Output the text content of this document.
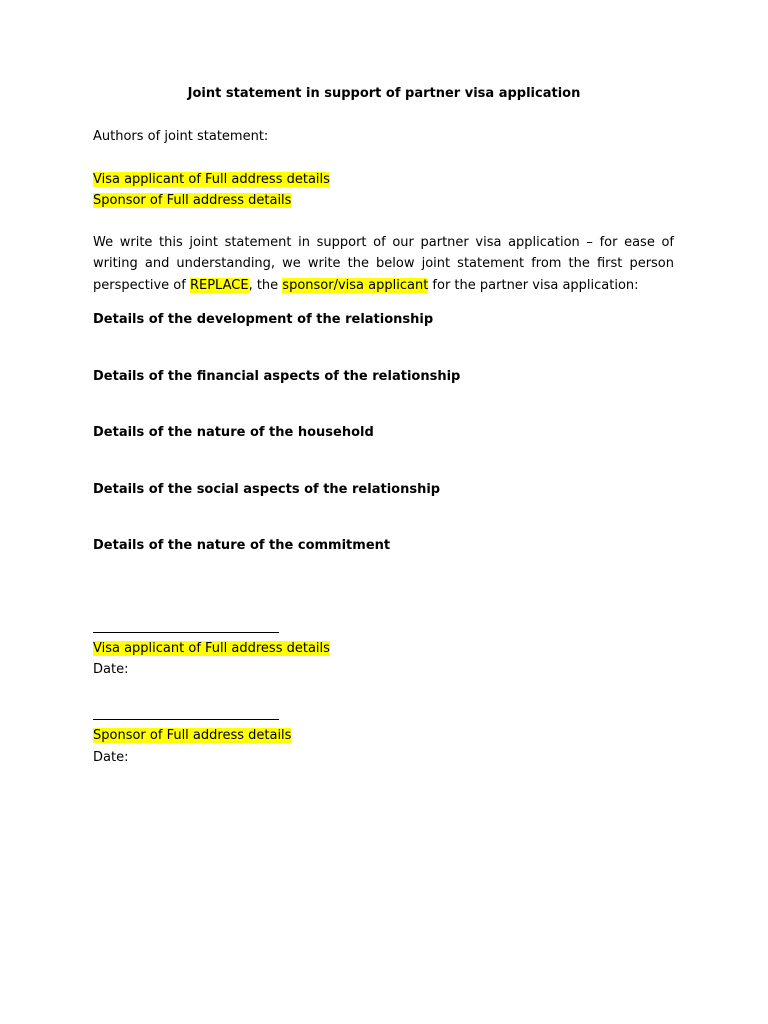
Joint statement in support of partner visa application
Authors of joint statement:
Visa applicant of Full address details
Sponsor of Full address details
We write this joint statement in support of our partner visa application – for ease of writing and understanding, we write the below joint statement from the first person perspective of REPLACE, the sponsor/visa applicant for the partner visa application:
Details of the development of the relationship
Details of the financial aspects of the relationship
Details of the nature of the household
Details of the social aspects of the relationship
Details of the nature of the commitment
Visa applicant of Full address details
Date:
Sponsor of Full address details
Date:
